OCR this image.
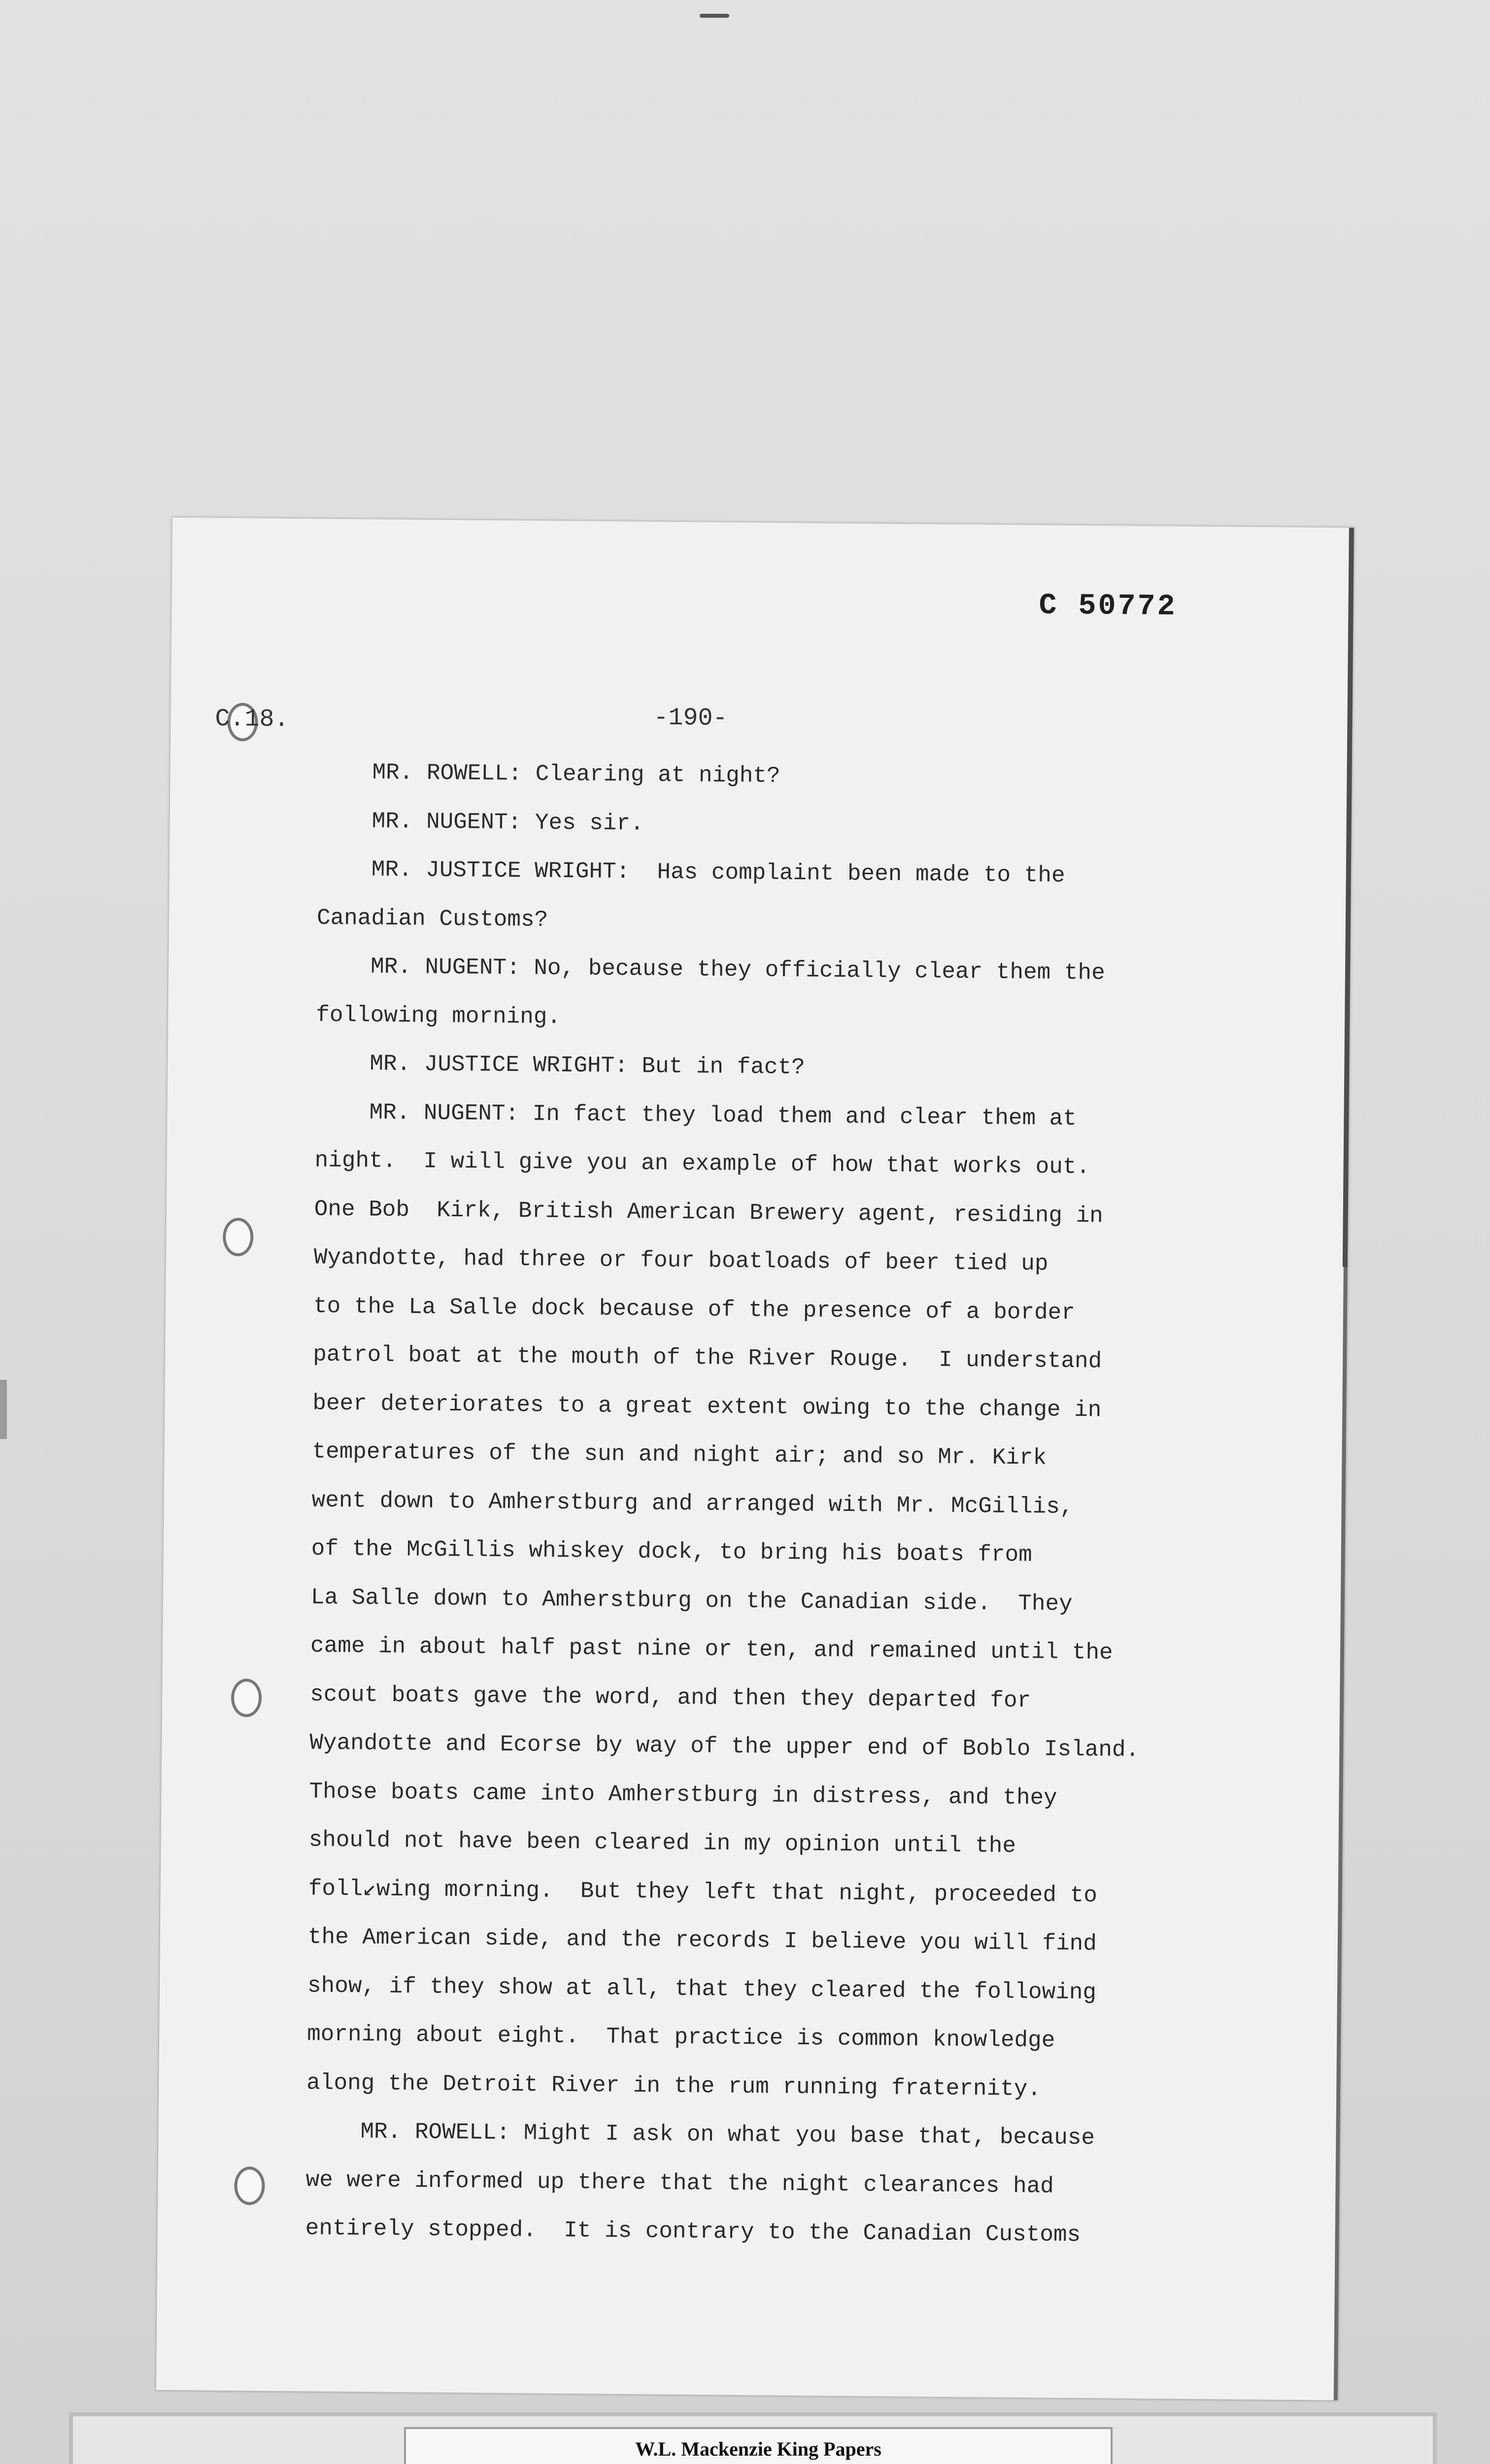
C 50772
C.18.	-190-
MR. ROWELL: Clearing at night?
MR. NUGENT: Yes sir.
MR. JUSTICE WRIGHT:  Has complaint been made to the
Canadian Customs?
MR. NUGENT: No, because they officially clear them the
following morning.
MR. JUSTICE WRIGHT: But in fact?
MR. NUGENT: In fact they load them and clear them at
night.  I will give you an example of how that works out.
One Bob  Kirk, British American Brewery agent, residing in
Wyandotte, had three or four boatloads of beer tied up
to the La Salle dock because of the presence of a border
patrol boat at the mouth of the River Rouge.  I understand
beer deteriorates to a great extent owing to the change in
temperatures of the sun and night air; and so Mr. Kirk
went down to Amherstburg and arranged with Mr. McGillis,
of the McGillis whiskey dock, to bring his boats from
La Salle down to Amherstburg on the Canadian side.  They
came in about half past nine or ten, and remained until the
scout boats gave the word, and then they departed for
Wyandotte and Ecorse by way of the upper end of Boblo Island.
Those boats came into Amherstburg in distress, and they
should not have been cleared in my opinion until the
foll↙wing morning.  But they left that night, proceeded to
the American side, and the records I believe you will find
show, if they show at all, that they cleared the following
morning about eight.  That practice is common knowledge
along the Detroit River in the rum running fraternity.
MR. ROWELL: Might I ask on what you base that, because
we were informed up there that the night clearances had
entirely stopped.  It is contrary to the Canadian Customs
W.L. Mackenzie King Papers
